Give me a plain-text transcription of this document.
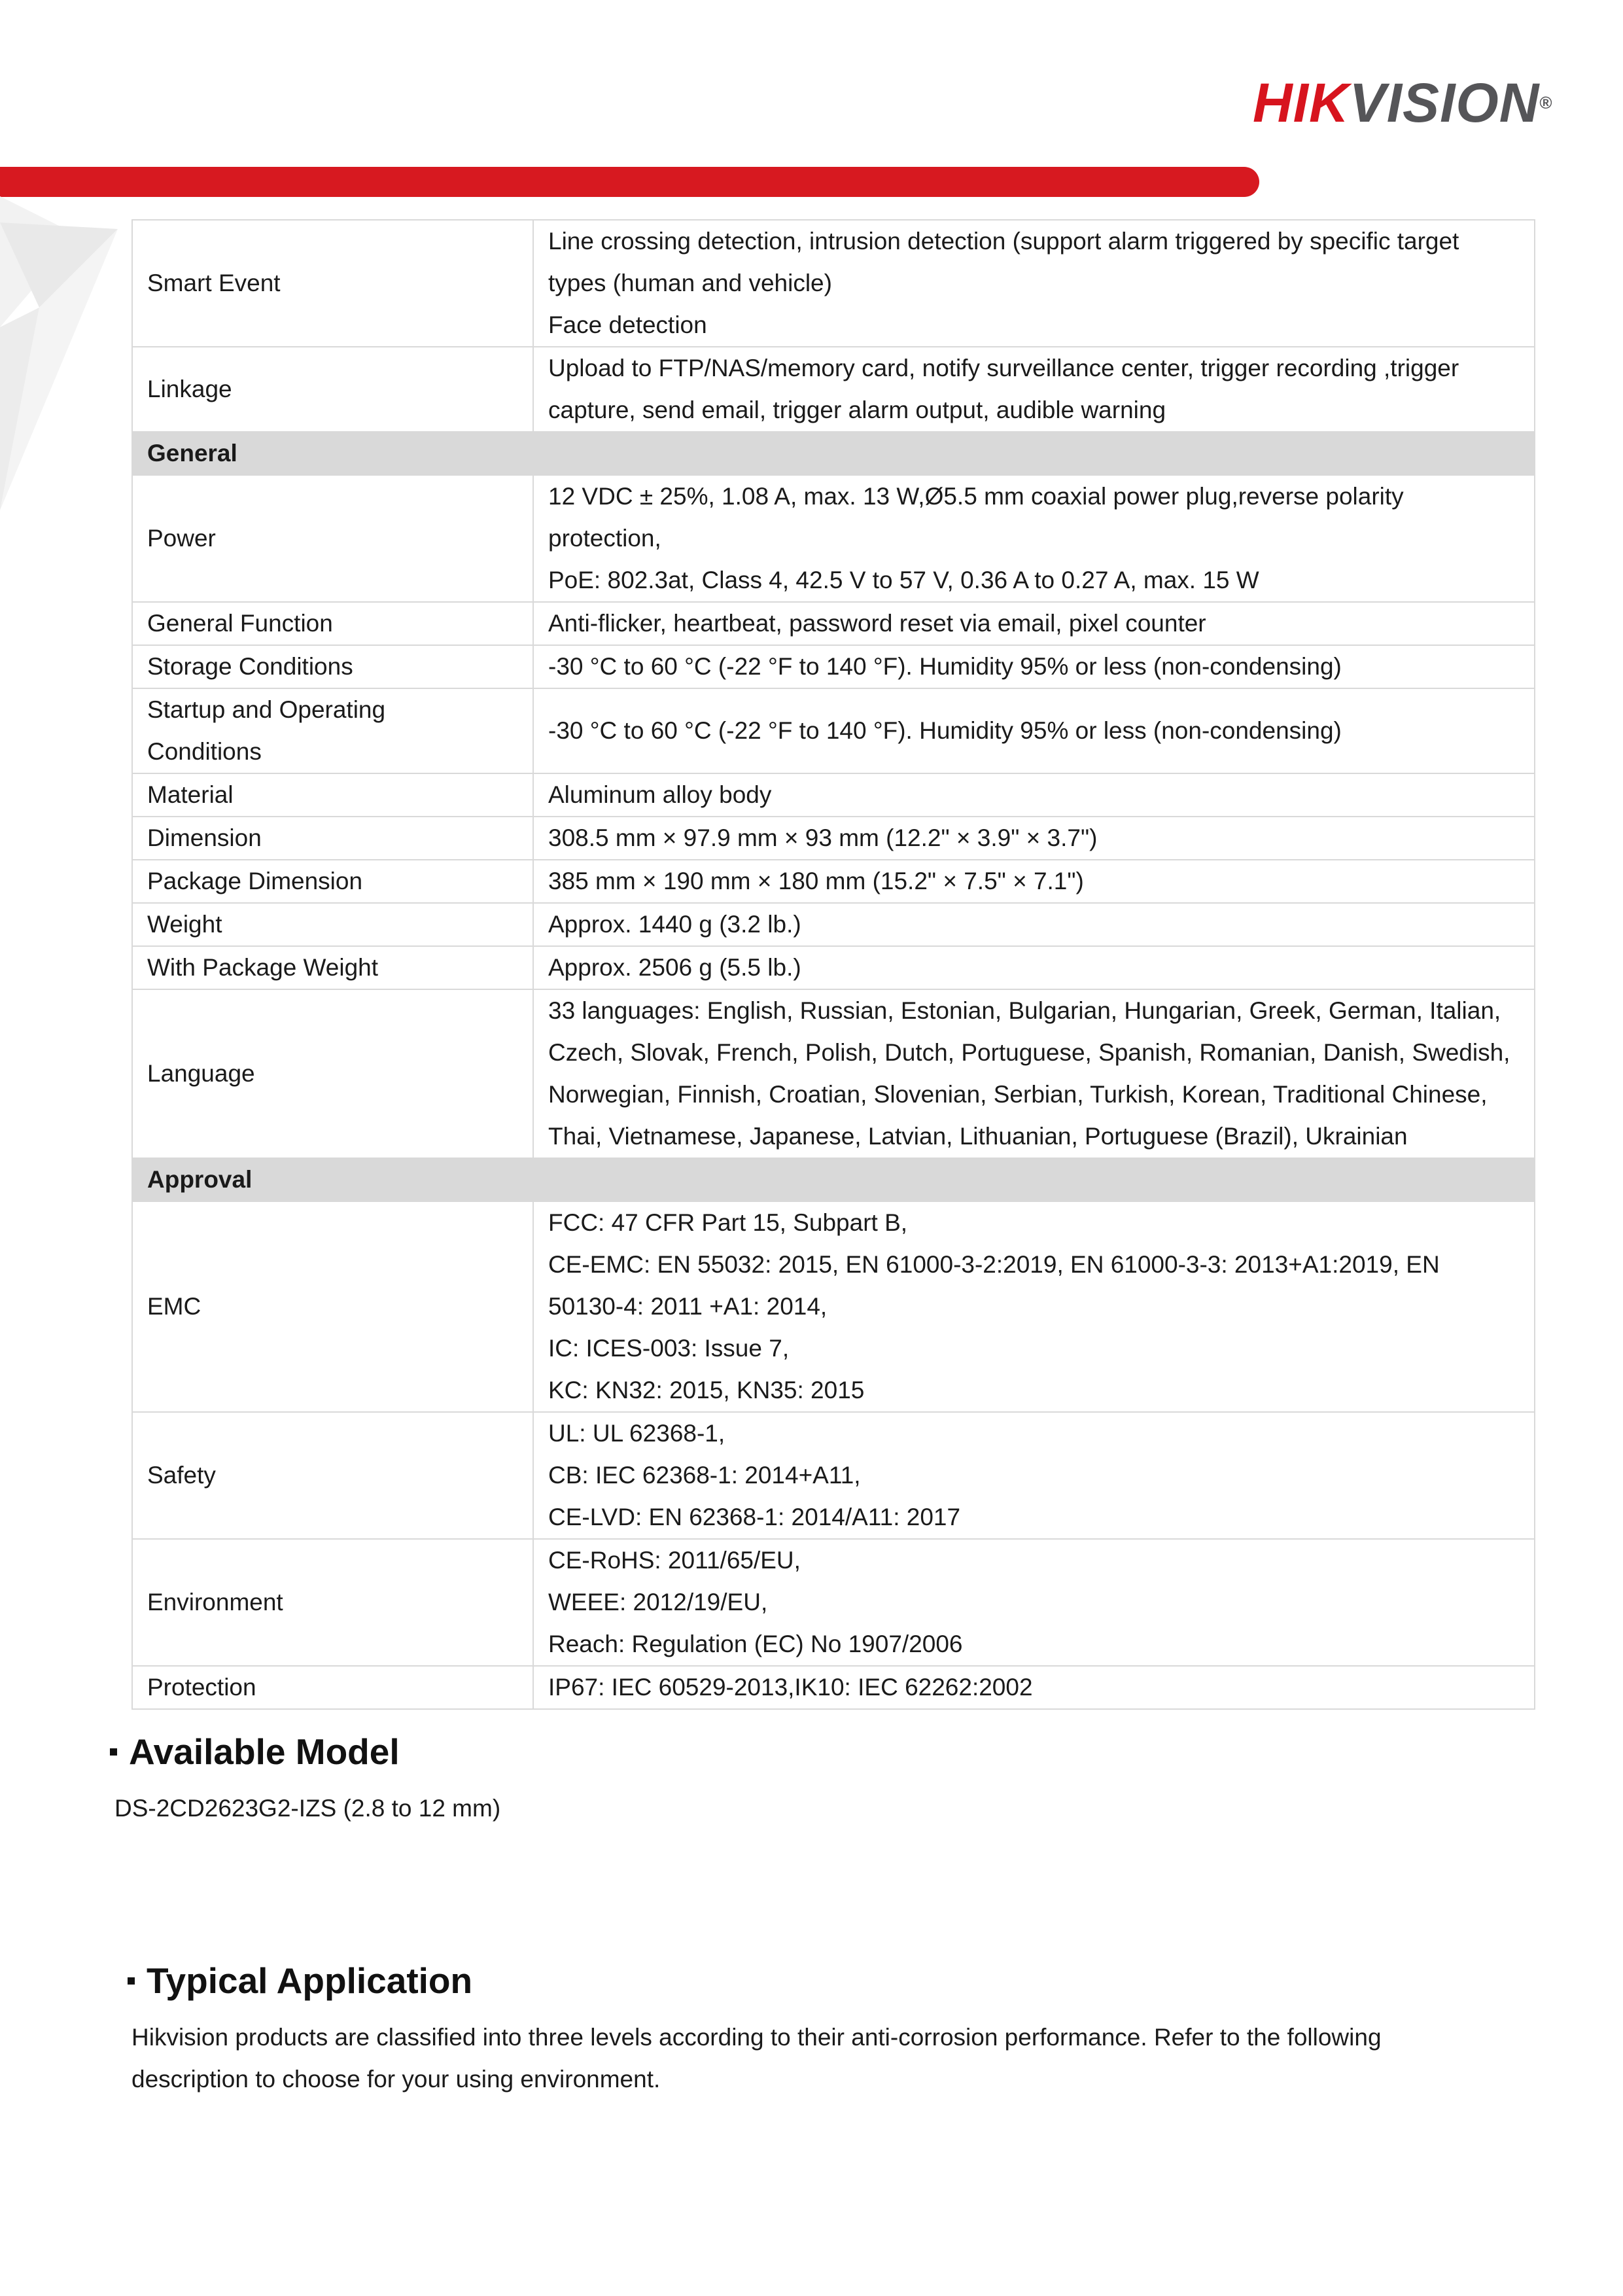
HIKVISION®
Smart Event	Line crossing detection, intrusion detection (support alarm triggered by specific target
types (human and vehicle)
Face detection
Linkage	Upload to FTP/NAS/memory card, notify surveillance center, trigger recording ,trigger
capture, send email, trigger alarm output, audible warning
General	
Power	12 VDC ± 25%, 1.08 A, max. 13 W,Ø5.5 mm coaxial power plug,reverse polarity
protection,
PoE: 802.3at, Class 4, 42.5 V to 57 V, 0.36 A to 0.27 A, max. 15 W
General Function	Anti-flicker, heartbeat, password reset via email, pixel counter
Storage Conditions	-30 °C to 60 °C (-22 °F to 140 °F). Humidity 95% or less (non-condensing)
Startup and Operating
Conditions	-30 °C to 60 °C (-22 °F to 140 °F). Humidity 95% or less (non-condensing)
Material	Aluminum alloy body
Dimension	308.5 mm × 97.9 mm × 93 mm (12.2" × 3.9" × 3.7")
Package Dimension	385 mm × 190 mm × 180 mm (15.2" × 7.5" × 7.1")
Weight	Approx. 1440 g (3.2 lb.)
With Package Weight	Approx. 2506 g (5.5 lb.)
Language	33 languages: English, Russian, Estonian, Bulgarian, Hungarian, Greek, German, Italian,
Czech, Slovak, French, Polish, Dutch, Portuguese, Spanish, Romanian, Danish, Swedish,
Norwegian, Finnish, Croatian, Slovenian, Serbian, Turkish, Korean, Traditional Chinese,
Thai, Vietnamese, Japanese, Latvian, Lithuanian, Portuguese (Brazil), Ukrainian
Approval	
EMC	FCC: 47 CFR Part 15, Subpart B,
CE-EMC: EN 55032: 2015, EN 61000-3-2:2019, EN 61000-3-3: 2013+A1:2019, EN
50130-4: 2011 +A1: 2014,
IC: ICES-003: Issue 7,
KC: KN32: 2015, KN35: 2015
Safety	UL: UL 62368-1,
CB: IEC 62368-1: 2014+A11,
CE-LVD: EN 62368-1: 2014/A11: 2017
Environment	CE-RoHS: 2011/65/EU,
WEEE: 2012/19/EU,
Reach: Regulation (EC) No 1907/2006
Protection	IP67: IEC 60529-2013,IK10: IEC 62262:2002
Available Model
DS-2CD2623G2-IZS (2.8 to 12 mm)
Typical Application
Hikvision products are classified into three levels according to their anti-corrosion performance. Refer to the following
description to choose for your using environment.
